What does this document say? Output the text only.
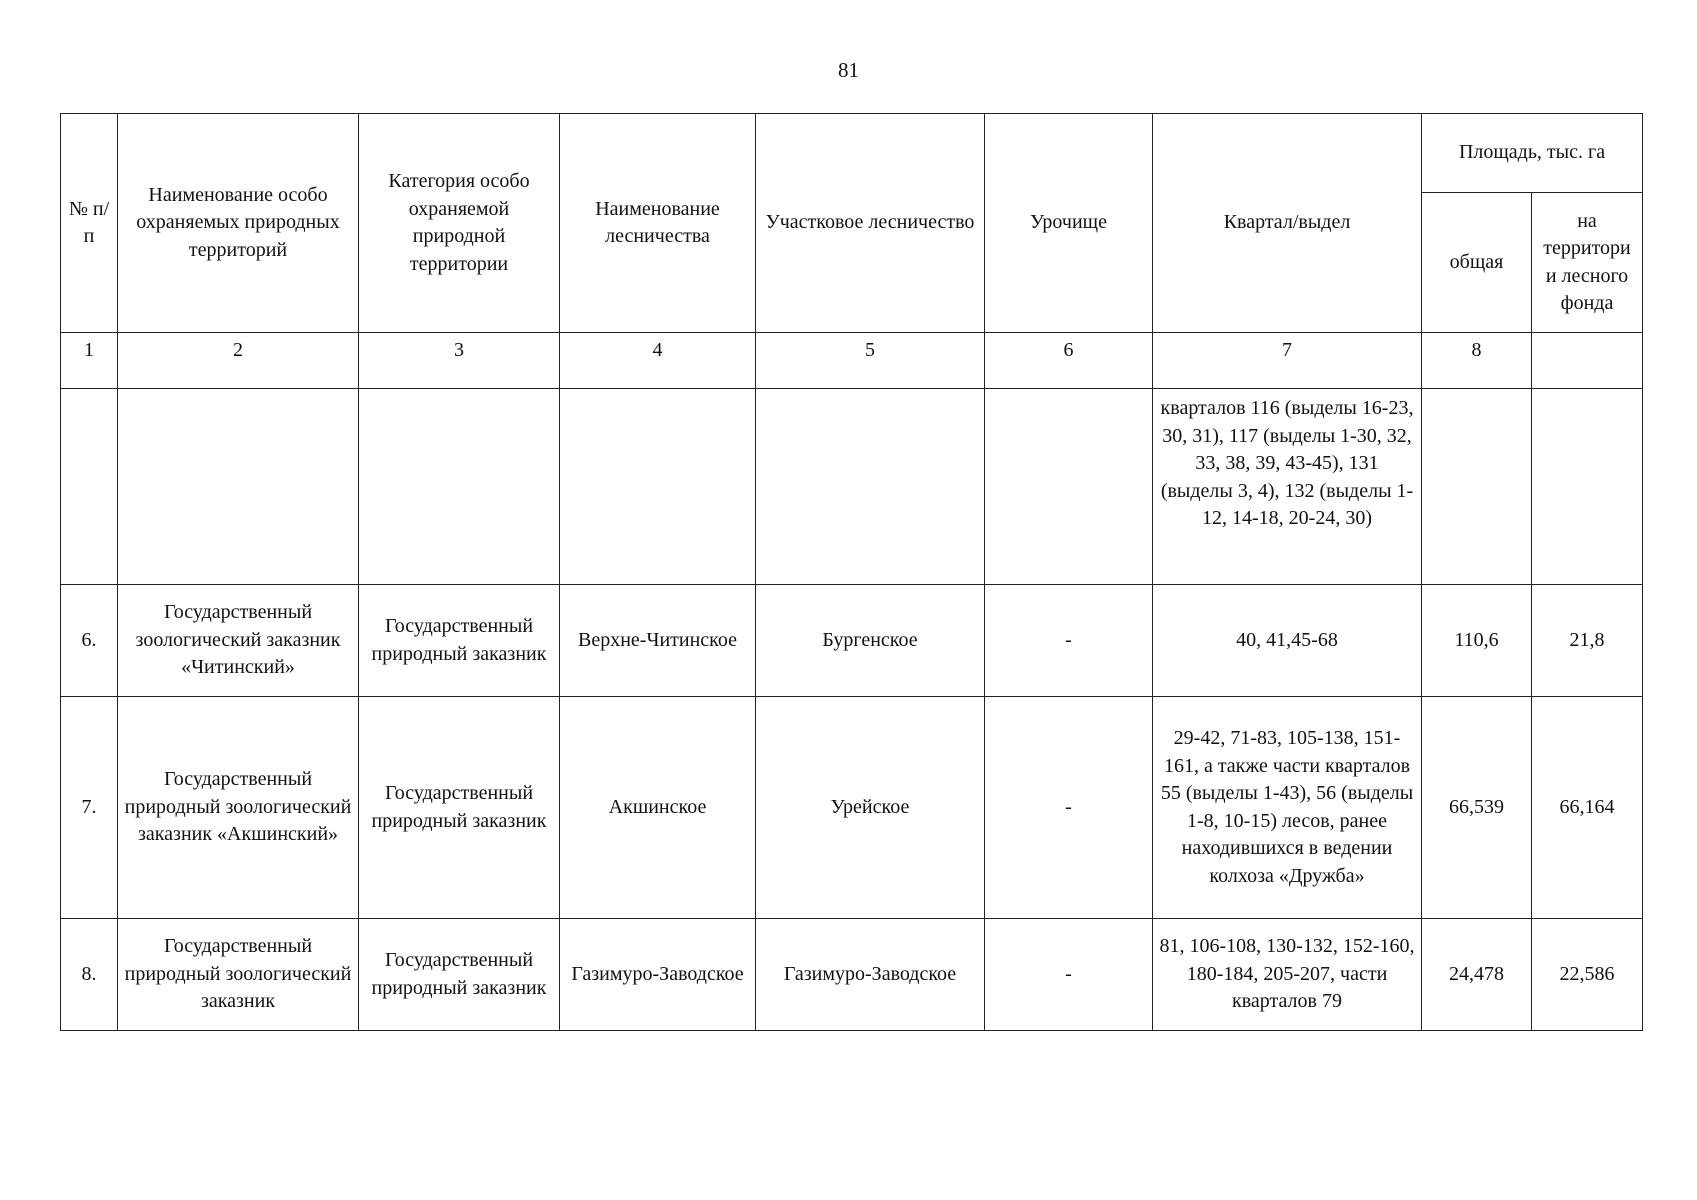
81
№ п/п	Наименование особо охраняемых природных территорий	Категория особо охраняемой природной территории	Наименование лесничества	Участковое лесничество	Урочище	Квартал/выдел	Площадь, тыс. га	
							общая	на территори и лесного фонда
1	2	3	4	5	6	7	8	
						кварталов 116 (выделы 16-23, 30, 31), 117 (выделы 1-30, 32, 33, 38, 39, 43-45), 131 (выделы 3, 4), 132 (выделы 1-12, 14-18, 20-24, 30)		
6.	Государственный зоологический заказник «Читинский»	Государственный природный заказник	Верхне-Читинское	Бургенское	-	40, 41,45-68	110,6	21,8
7.	Государственный природный зоологический заказник «Акшинский»	Государственный природный заказник	Акшинское	Урейское	-	29-42, 71-83, 105-138, 151-161, а также части кварталов 55 (выделы 1-43), 56 (выделы 1-8, 10-15) лесов, ранее находившихся в ведении колхоза «Дружба»	66,539	66,164
8.	Государственный природный зоологический заказник	Государственный природный заказник	Газимуро-Заводское	Газимуро-Заводское	-	81, 106-108, 130-132, 152-160, 180-184, 205-207, части кварталов 79	24,478	22,586
